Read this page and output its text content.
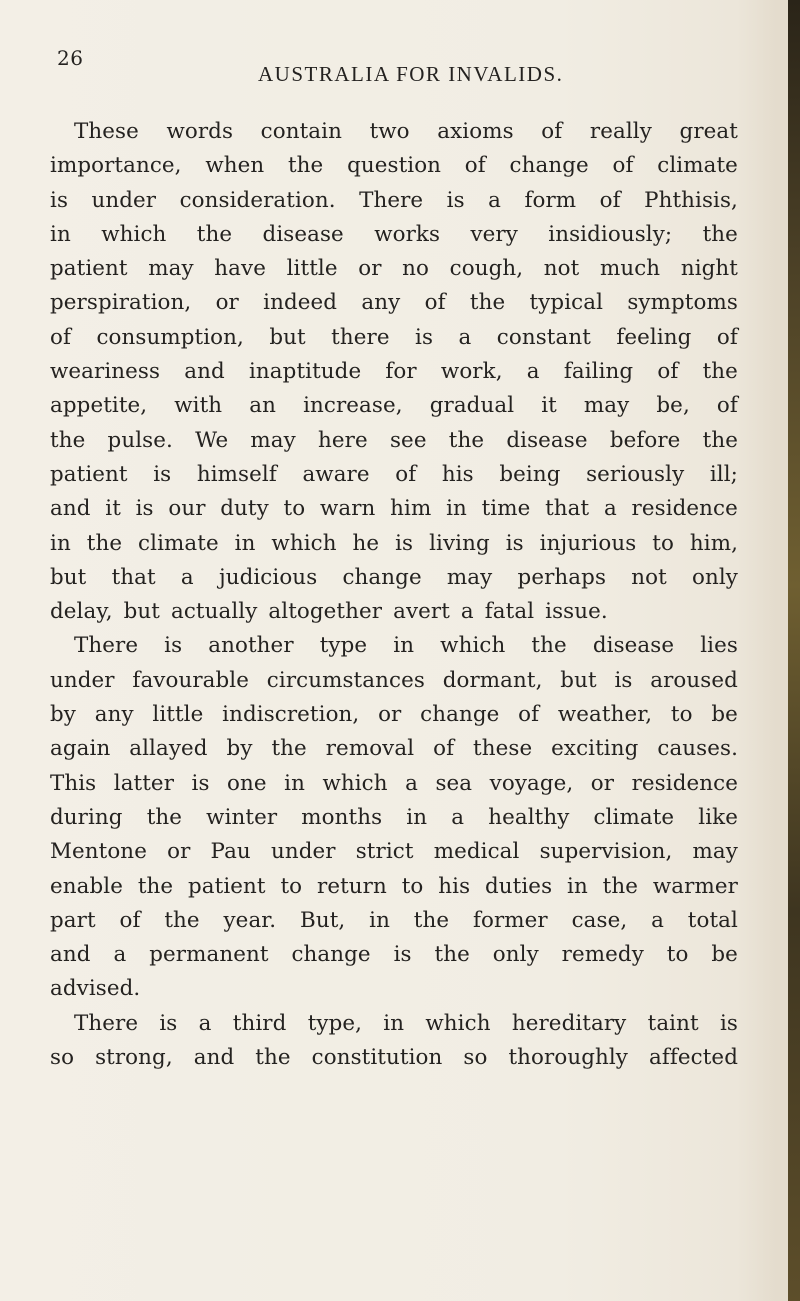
26
AUSTRALIA FOR INVALIDS.
These words contain two axioms of really great
importance, when the question of change of climate
is under consideration. There is a form of Phthisis,
in which the disease works very insidiously; the
patient may have little or no cough, not much night
perspiration, or indeed any of the typical symptoms
of consumption, but there is a constant feeling of
weariness and inaptitude for work, a failing of the
appetite, with an increase, gradual it may be, of
the pulse. We may here see the disease before the
patient is himself aware of his being seriously ill;
and it is our duty to warn him in time that a residence
in the climate in which he is living is injurious to him,
but that a judicious change may perhaps not only
delay, but actually altogether avert a fatal issue.
There is another type in which the disease lies
under favourable circumstances dormant, but is aroused
by any little indiscretion, or change of weather, to be
again allayed by the removal of these exciting causes.
This latter is one in which a sea voyage, or residence
during the winter months in a healthy climate like
Mentone or Pau under strict medical supervision, may
enable the patient to return to his duties in the warmer
part of the year. But, in the former case, a total
and a permanent change is the only remedy to be
advised.
There is a third type, in which hereditary taint is
so strong, and the constitution so thoroughly affected
